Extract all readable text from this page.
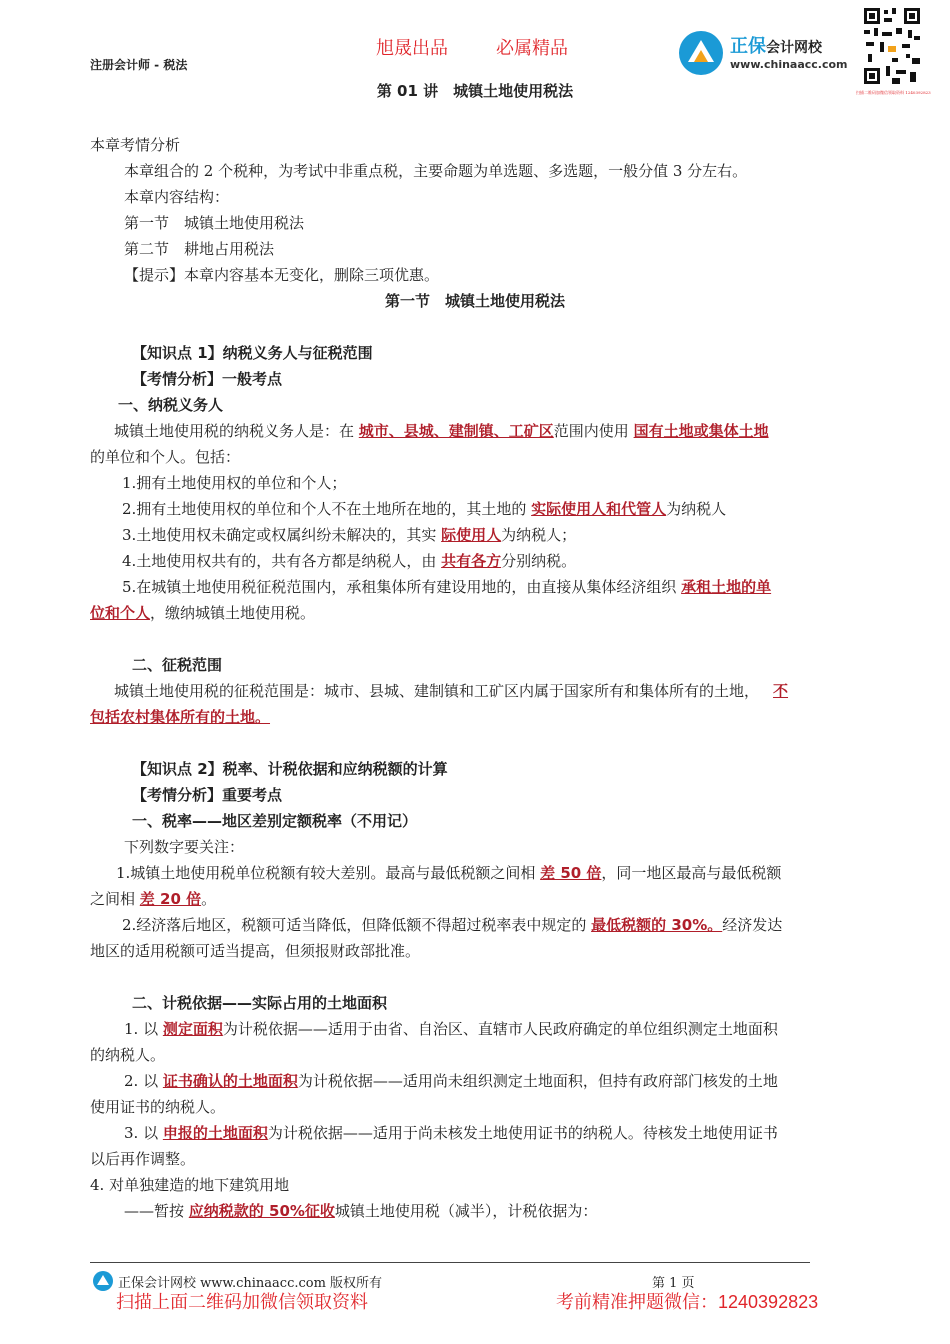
旭晟出品	必属精品
注册会计师 - 税法
正保会计网校
www.chinaacc.com
扫描二维码加微信领取资料 1240392823
第 01 讲　城镇土地使用税法
本章考情分析
本章组合的 2 个税种，为考试中非重点税，主要命题为单选题、多选题，一般分值 3 分左右。
本章内容结构：
第一节　城镇土地使用税法
第二节　耕地占用税法
【提示】本章内容基本无变化，删除三项优惠。
第一节　城镇土地使用税法
【知识点 1】纳税义务人与征税范围
【考情分析】一般考点
一、纳税义务人
城镇土地使用税的纳税义务人是：在 城市、县城、建制镇、工矿区范围内使用 国有土地或集体土地
的单位和个人。包括：
1.拥有土地使用权的单位和个人；
2.拥有土地使用权的单位和个人不在土地所在地的，其土地的 实际使用人和代管人为纳税人
3.土地使用权未确定或权属纠纷未解决的，其实 际使用人为纳税人；
4.土地使用权共有的，共有各方都是纳税人，由 共有各方分别纳税。
5.在城镇土地使用税征税范围内，承租集体所有建设用地的，由直接从集体经济组织 承租土地的单
位和个人，缴纳城镇土地使用税。
二、征税范围
城镇土地使用税的征税范围是：城市、县城、建制镇和工矿区内属于国家所有和集体所有的土地， 不
包括农村集体所有的土地。
【知识点 2】税率、计税依据和应纳税额的计算
【考情分析】重要考点
一、税率——地区差别定额税率（不用记）
下列数字要关注：
1.城镇土地使用税单位税额有较大差别。最高与最低税额之间相 差 50 倍，同一地区最高与最低税额
之间相 差 20 倍。
2.经济落后地区，税额可适当降低，但降低额不得超过税率表中规定的 最低税额的 30%。经济发达
地区的适用税额可适当提高，但须报财政部批准。
二、计税依据——实际占用的土地面积
1. 以 测定面积为计税依据——适用于由省、自治区、直辖市人民政府确定的单位组织测定土地面积
的纳税人。
2. 以 证书确认的土地面积为计税依据——适用尚未组织测定土地面积，但持有政府部门核发的土地
使用证书的纳税人。
3. 以 申报的土地面积为计税依据——适用于尚未核发土地使用证书的纳税人。待核发土地使用证书
以后再作调整。
4. 对单独建造的地下建筑用地
——暂按 应纳税款的 50%征收城镇土地使用税（减半），计税依据为：
正保会计网校 www.chinaacc.com 版权所有	第 1 页
扫描上面二维码加微信领取资料	考前精准押题微信：1240392823
